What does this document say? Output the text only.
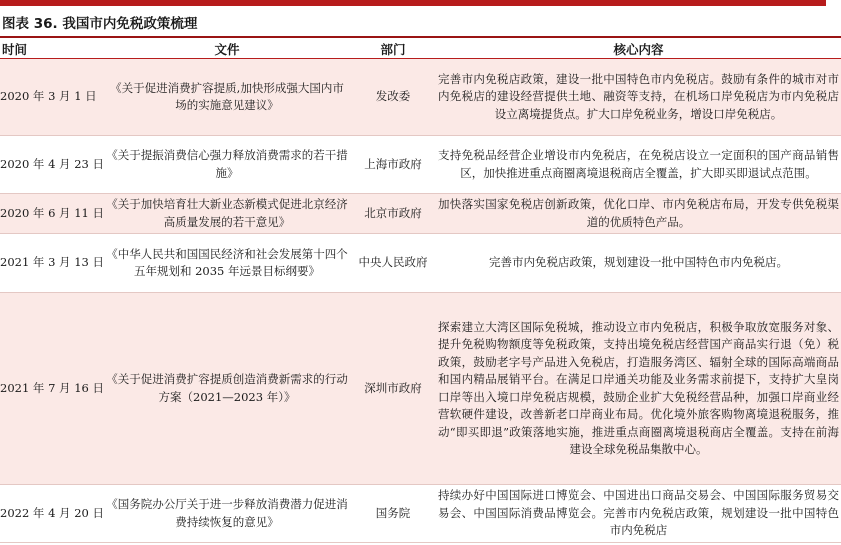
图表 36. 我国市内免税政策梳理
时间	文件	部门	核心内容
2020 年 3 月 1 日	《关于促进消费扩容提质,加快形成强大国内市场的实施意见建议》	发改委	完善市内免税店政策，建设一批中国特色市内免税店。鼓励有条件的城市对市内免税店的建设经营提供土地、融资等支持，在机场口岸免税店为市内免税店设立离境提货点。扩大口岸免税业务，增设口岸免税店。
2020 年 4 月 23 日	《关于提振消费信心强力释放消费需求的若干措施》	上海市政府	支持免税品经营企业增设市内免税店，在免税店设立一定面积的国产商品销售区，加快推进重点商圈离境退税商店全覆盖，扩大即买即退试点范围。
2020 年 6 月 11 日	《关于加快培育壮大新业态新模式促进北京经济高质量发展的若干意见》	北京市政府	加快落实国家免税店创新政策，优化口岸、市内免税店布局，开发专供免税渠道的优质特色产品。
2021 年 3 月 13 日	《中华人民共和国国民经济和社会发展第十四个五年规划和 2035 年远景目标纲要》	中央人民政府	完善市内免税店政策，规划建设一批中国特色市内免税店。
2021 年 7 月 16 日	《关于促进消费扩容提质创造消费新需求的行动方案（2021—2023 年）》	深圳市政府	探索建立大湾区国际免税城，推动设立市内免税店，积极争取放宽服务对象、提升免税购物额度等免税政策，支持出境免税店经营国产商品实行退（免）税政策，鼓励老字号产品进入免税店，打造服务湾区、辐射全球的国际高端商品和国内精品展销平台。在满足口岸通关功能及业务需求前提下，支持扩大皇岗口岸等出入境口岸免税店规模，鼓励企业扩大免税经营品种，加强口岸商业经营软硬件建设，改善新老口岸商业布局。优化境外旅客购物离境退税服务，推动“即买即退”政策落地实施，推进重点商圈离境退税商店全覆盖。支持在前海建设全球免税品集散中心。
2022 年 4 月 20 日	《国务院办公厅关于进一步释放消费潜力促进消费持续恢复的意见》	国务院	持续办好中国国际进口博览会、中国进出口商品交易会、中国国际服务贸易交易会、中国国际消费品博览会。完善市内免税店政策，规划建设一批中国特色市内免税店
